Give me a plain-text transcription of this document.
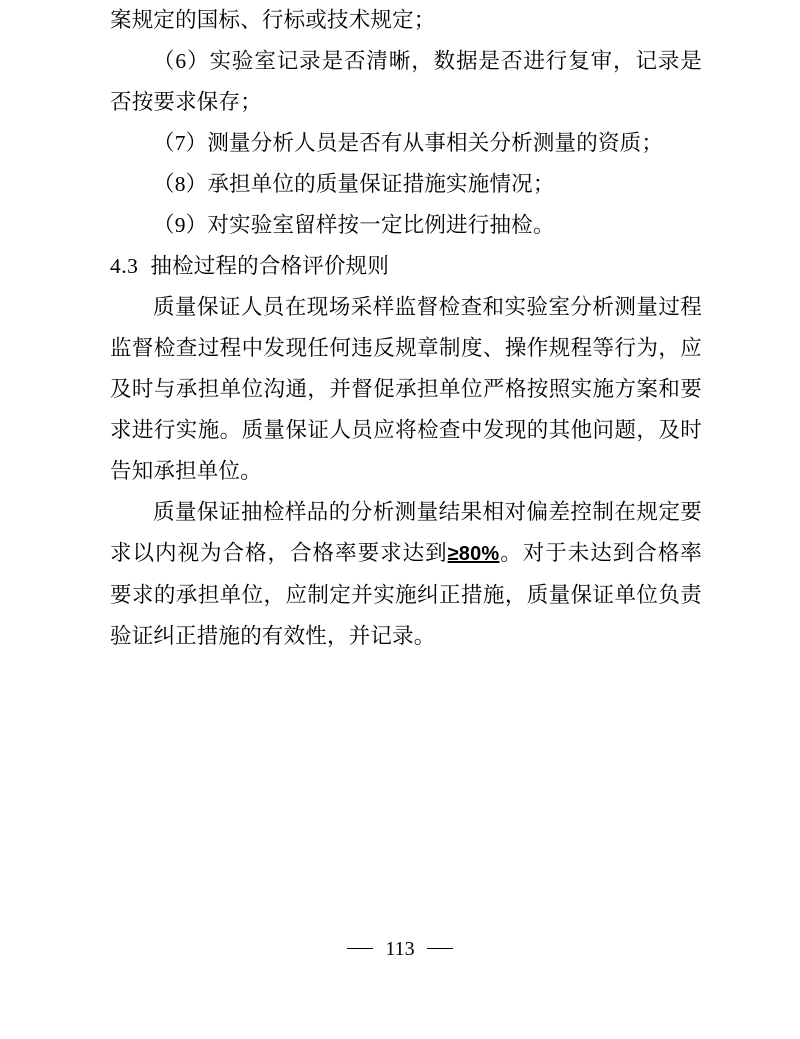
案规定的国标、行标或技术规定；

（6）实验室记录是否清晰，数据是否进行复审，记录是否按要求保存；

（7）测量分析人员是否有从事相关分析测量的资质；

（8）承担单位的质量保证措施实施情况；

（9）对实验室留样按一定比例进行抽检。

4.3 抽检过程的合格评价规则

质量保证人员在现场采样监督检查和实验室分析测量过程监督检查过程中发现任何违反规章制度、操作规程等行为，应及时与承担单位沟通，并督促承担单位严格按照实施方案和要求进行实施。质量保证人员应将检查中发现的其他问题，及时告知承担单位。

质量保证抽检样品的分析测量结果相对偏差控制在规定要求以内视为合格，合格率要求达到≥80%。对于未达到合格率要求的承担单位，应制定并实施纠正措施，质量保证单位负责验证纠正措施的有效性，并记录。

113
